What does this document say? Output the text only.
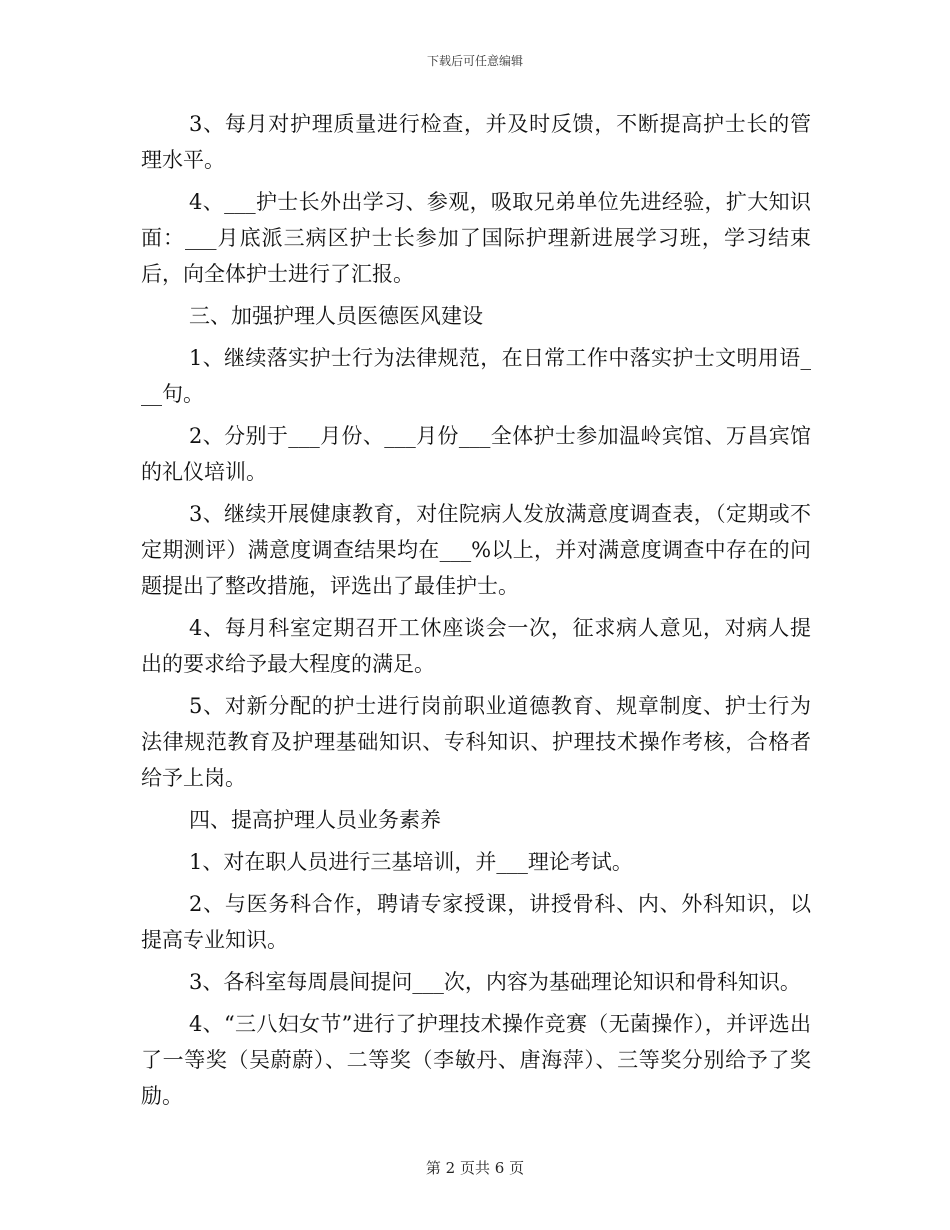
下载后可任意编辑

3、每月对护理质量进行检查，并及时反馈，不断提高护士长的管理水平。

4、___护士长外出学习、参观，吸取兄弟单位先进经验，扩大知识面：___月底派三病区护士长参加了国际护理新进展学习班，学习结束后，向全体护士进行了汇报。

三、加强护理人员医德医风建设

1、继续落实护士行为法律规范，在日常工作中落实护士文明用语___句。

2、分别于___月份、___月份___全体护士参加温岭宾馆、万昌宾馆的礼仪培训。

3、继续开展健康教育，对住院病人发放满意度调查表，（定期或不定期测评）满意度调查结果均在___%以上，并对满意度调查中存在的问题提出了整改措施，评选出了最佳护士。

4、每月科室定期召开工休座谈会一次，征求病人意见，对病人提出的要求给予最大程度的满足。

5、对新分配的护士进行岗前职业道德教育、规章制度、护士行为法律规范教育及护理基础知识、专科知识、护理技术操作考核，合格者给予上岗。

四、提高护理人员业务素养

1、对在职人员进行三基培训，并___理论考试。

2、与医务科合作，聘请专家授课，讲授骨科、内、外科知识，以提高专业知识。

3、各科室每周晨间提问___次，内容为基础理论知识和骨科知识。

4、“三八妇女节”进行了护理技术操作竞赛（无菌操作），并评选出了一等奖（吴蔚蔚）、二等奖（李敏丹、唐海萍）、三等奖分别给予了奖励。

第 2 页共 6 页
